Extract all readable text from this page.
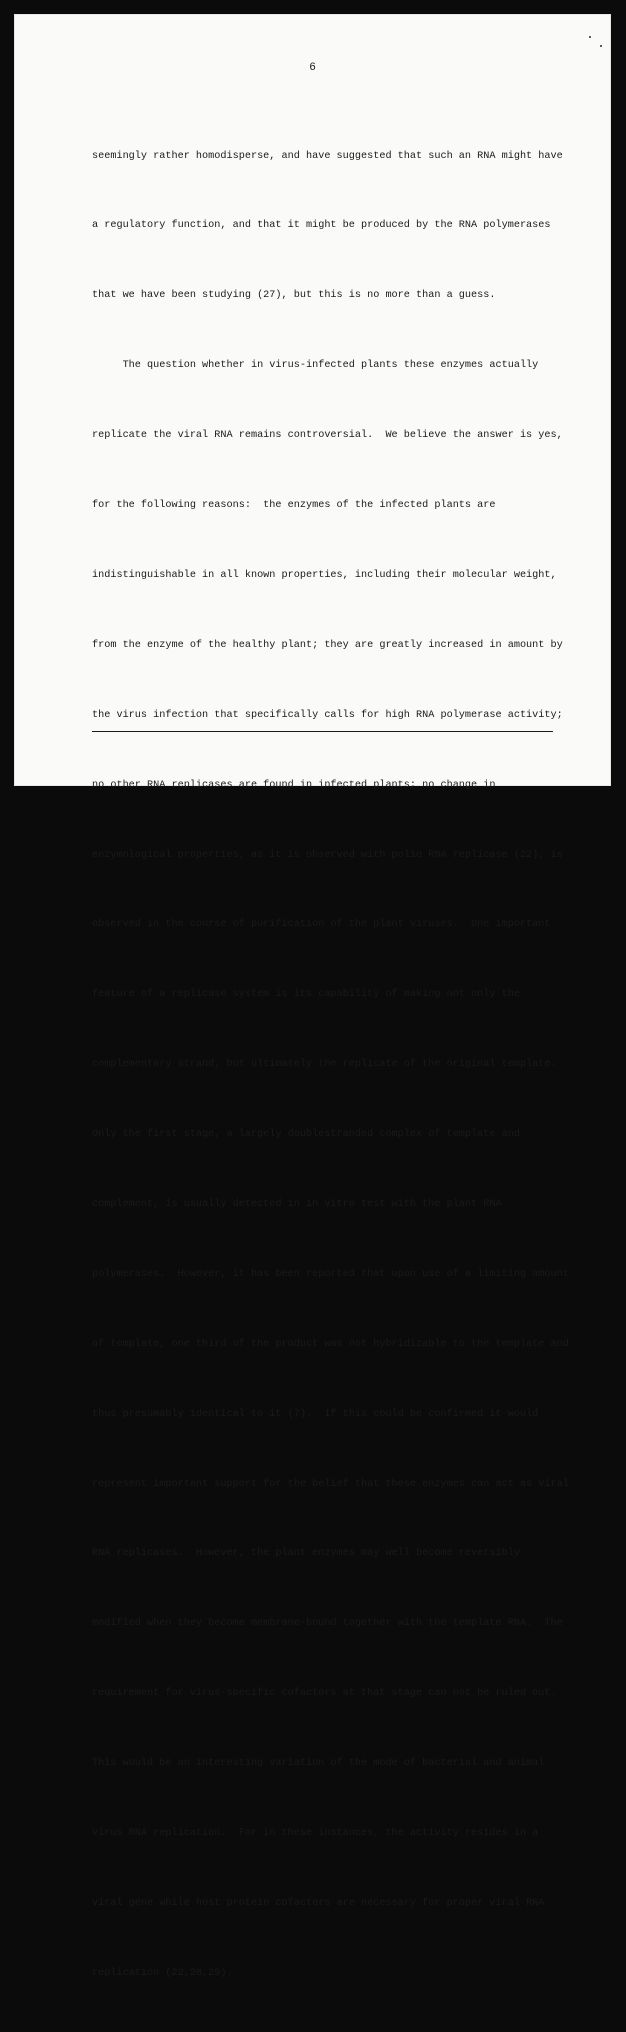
6

seemingly rather homodisperse, and have suggested that such an RNA might have

a regulatory function, and that it might be produced by the RNA polymerases

that we have been studying (27), but this is no more than a guess.

The question whether in virus-infected plants these enzymes actually

replicate the viral RNA remains controversial.  We believe the answer is yes,

for the following reasons:  the enzymes of the infected plants are

indistinguishable in all known properties, including their molecular weight,

from the enzyme of the healthy plant; they are greatly increased in amount by

the virus infection that specifically calls for high RNA polymerase activity;

no other RNA replicases are found in infected plants; no change in

enzymological properties, as it is observed with polio RNA replicase (22), is

observed in the course of purification of the plant viruses.  One important

feature of a replicase system is its capability of making not only the

complementary strand, but ultimately the replicate of the original template.

Only the first stage, a largely doublestranded complex of template and

complement, is usually detected in in vitro test with the plant RNA

polymerases.  However, it has been reported that upon use of a limiting amount

of template, one third of the product was not hybridizable to the template and

thus presumably identical to it (7).  If this could be confirmed it would

represent important support for the belief that these enzymes can act as viral

RNA replicases.  However, the plant enzymes may well become reversibly

modified when they become membrane-bound together with the template RNA.  The

requirement for virus-specific cofactors at that stage can not be ruled out.

This would be an interesting variation of the mode of bacterial and animal

virus RNA replication.  For in these instances, the activity resides in a

viral gene while host protein cofactors are necessary for proper viral RNA

replication (22,28,29).
